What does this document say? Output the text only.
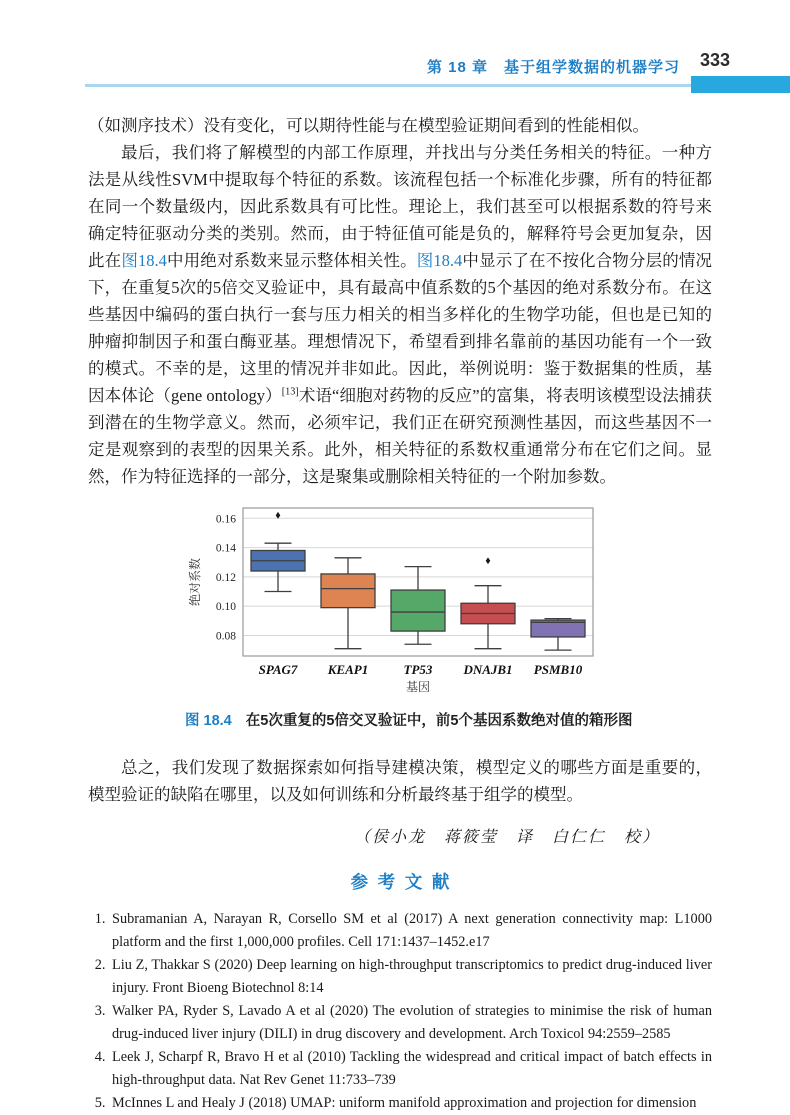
第 18 章　基于组学数据的机器学习 333

（如测序技术）没有变化，可以期待性能与在模型验证期间看到的性能相似。

最后，我们将了解模型的内部工作原理，并找出与分类任务相关的特征。一种方法是从线性SVM中提取每个特征的系数。该流程包括一个标准化步骤，所有的特征都在同一个数量级内，因此系数具有可比性。理论上，我们甚至可以根据系数的符号来确定特征驱动分类的类别。然而，由于特征值可能是负的，解释符号会更加复杂，因此在图18.4中用绝对系数来显示整体相关性。图18.4中显示了在不按化合物分层的情况下，在重复5次的5倍交叉验证中，具有最高中值系数的5个基因的绝对系数分布。在这些基因中编码的蛋白执行一套与压力相关的相当多样化的生物学功能，但也是已知的肿瘤抑制因子和蛋白酶亚基。理想情况下，希望看到排名靠前的基因功能有一个一致的模式。不幸的是，这里的情况并非如此。因此，举例说明：鉴于数据集的性质，基因本体论（gene ontology）[13]术语“细胞对药物的反应”的富集，将表明该模型设法捕获到潜在的生物学意义。然而，必须牢记，我们正在研究预测性基因，而这些基因不一定是观察到的表型的因果关系。此外，相关特征的系数权重通常分布在它们之间。显然，作为特征选择的一部分，这是聚集或删除相关特征的一个附加参数。

0.08
0.10
0.12
0.14
0.16
SPAG7 KEAP1	TP53 DNAJB1 PSMB10
基因
绝对系数
图 18.4 在5次重复的5倍交叉验证中，前5个基因系数绝对值的箱形图

总之，我们发现了数据探索如何指导建模决策，模型定义的哪些方面是重要的，模型验证的缺陷在哪里，以及如何训练和分析最终基于组学的模型。

（侯小龙　蒋筱莹　译　白仁仁　校）

参考文献
1. Subramanian A, Narayan R, Corsello SM et al (2017) A next generation connectivity map: L1000 platform and the first 1,000,000 profiles. Cell 171:1437–1452.e17
2. Liu Z, Thakkar S (2020) Deep learning on high-throughput transcriptomics to predict drug-induced liver injury. Front Bioeng Biotechnol 8:14
3. Walker PA, Ryder S, Lavado A et al (2020) The evolution of strategies to minimise the risk of human drug-induced liver injury (DILI) in drug discovery and development. Arch Toxicol 94:2559–2585
4. Leek J, Scharpf R, Bravo H et al (2010) Tackling the widespread and critical impact of batch effects in high-throughput data. Nat Rev Genet 11:733–739
5. McInnes L and Healy J (2018) UMAP: uniform manifold approximation and projection for dimension
